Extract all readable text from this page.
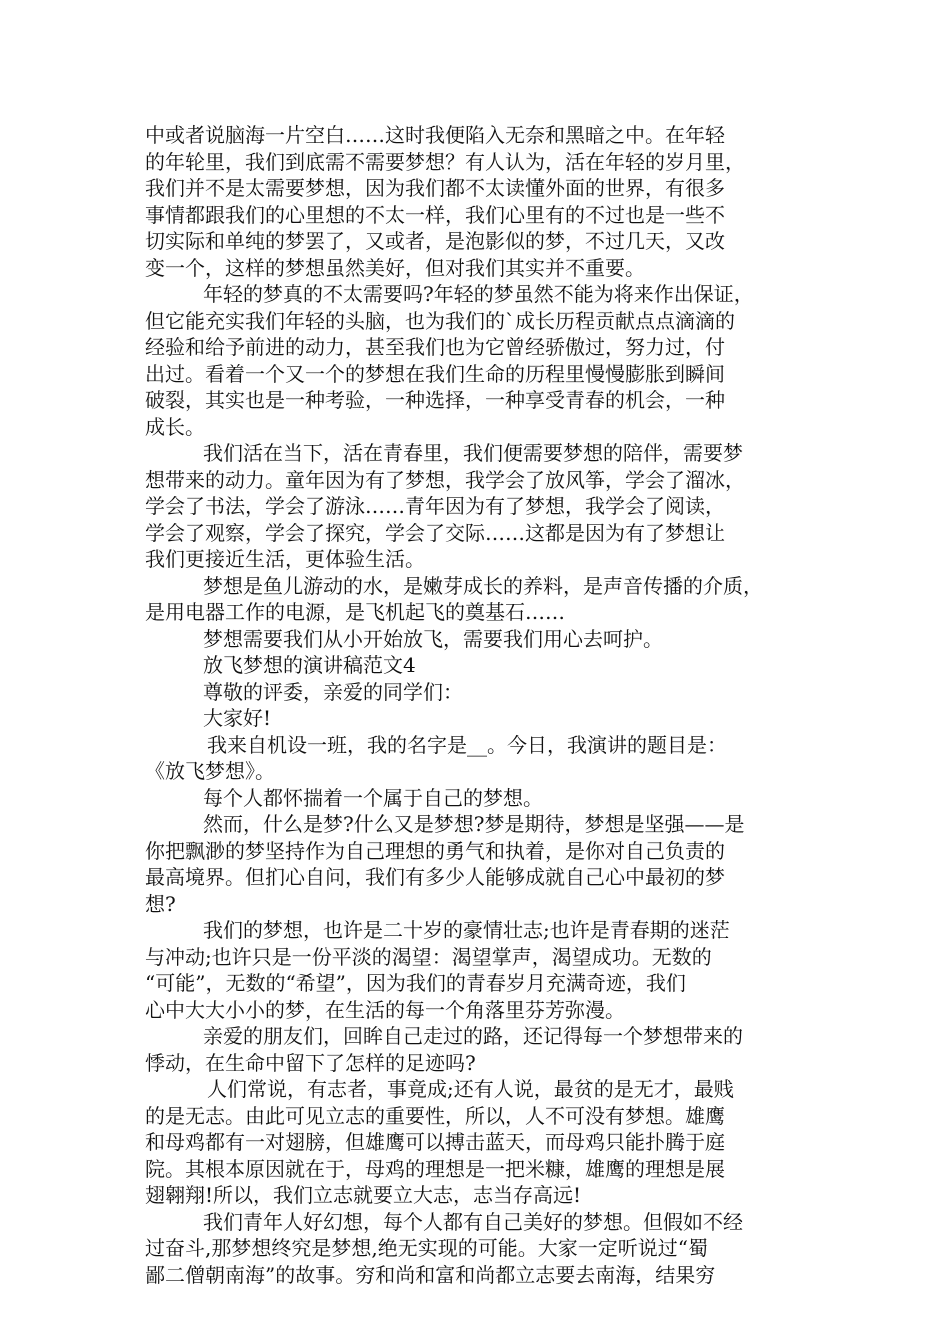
中或者说脑海一片空白……这时我便陷入无奈和黑暗之中。在年轻
的年轮里，我们到底需不需要梦想？有人认为，活在年轻的岁月里，
我们并不是太需要梦想，因为我们都不太读懂外面的世界，有很多
事情都跟我们的心里想的不太一样，我们心里有的不过也是一些不
切实际和单纯的梦罢了，又或者，是泡影似的梦，不过几天，又改
变一个，这样的梦想虽然美好，但对我们其实并不重要。
年轻的梦真的不太需要吗?年轻的梦虽然不能为将来作出保证，
但它能充实我们年轻的头脑，也为我们的`成长历程贡献点点滴滴的
经验和给予前进的动力，甚至我们也为它曾经骄傲过，努力过，付
出过。看着一个又一个的梦想在我们生命的历程里慢慢膨胀到瞬间
破裂，其实也是一种考验，一种选择，一种享受青春的机会，一种
成长。
我们活在当下，活在青春里，我们便需要梦想的陪伴，需要梦
想带来的动力。童年因为有了梦想，我学会了放风筝，学会了溜冰，
学会了书法，学会了游泳……青年因为有了梦想，我学会了阅读，
学会了观察，学会了探究，学会了交际……这都是因为有了梦想让
我们更接近生活，更体验生活。
梦想是鱼儿游动的水，是嫩芽成长的养料，是声音传播的介质，
是用电器工作的电源，是飞机起飞的奠基石……
梦想需要我们从小开始放飞，需要我们用心去呵护。
放飞梦想的演讲稿范文4
尊敬的评委，亲爱的同学们：
大家好!
我来自机设一班，我的名字是__。今日，我演讲的题目是：
《放飞梦想》。
每个人都怀揣着一个属于自己的梦想。
然而，什么是梦?什么又是梦想?梦是期待，梦想是坚强——是
你把飘渺的梦坚持作为自己理想的勇气和执着，是你对自己负责的
最高境界。但扪心自问，我们有多少人能够成就自己心中最初的梦
想?
我们的梦想，也许是二十岁的豪情壮志;也许是青春期的迷茫
与冲动;也许只是一份平淡的渴望：渴望掌声，渴望成功。无数的
“可能”，无数的“希望”，因为我们的青春岁月充满奇迹，我们
心中大大小小的梦，在生活的每一个角落里芬芳弥漫。
亲爱的朋友们，回眸自己走过的路，还记得每一个梦想带来的
悸动，在生命中留下了怎样的足迹吗?
人们常说，有志者，事竟成;还有人说，最贫的是无才，最贱
的是无志。由此可见立志的重要性，所以，人不可没有梦想。雄鹰
和母鸡都有一对翅膀，但雄鹰可以搏击蓝天，而母鸡只能扑腾于庭
院。其根本原因就在于，母鸡的理想是一把米糠，雄鹰的理想是展
翅翱翔!所以，我们立志就要立大志，志当存高远!
我们青年人好幻想，每个人都有自己美好的梦想。但假如不经
过奋斗,那梦想终究是梦想,绝无实现的可能。大家一定听说过“蜀
鄙二僧朝南海”的故事。穷和尚和富和尚都立志要去南海，结果穷
